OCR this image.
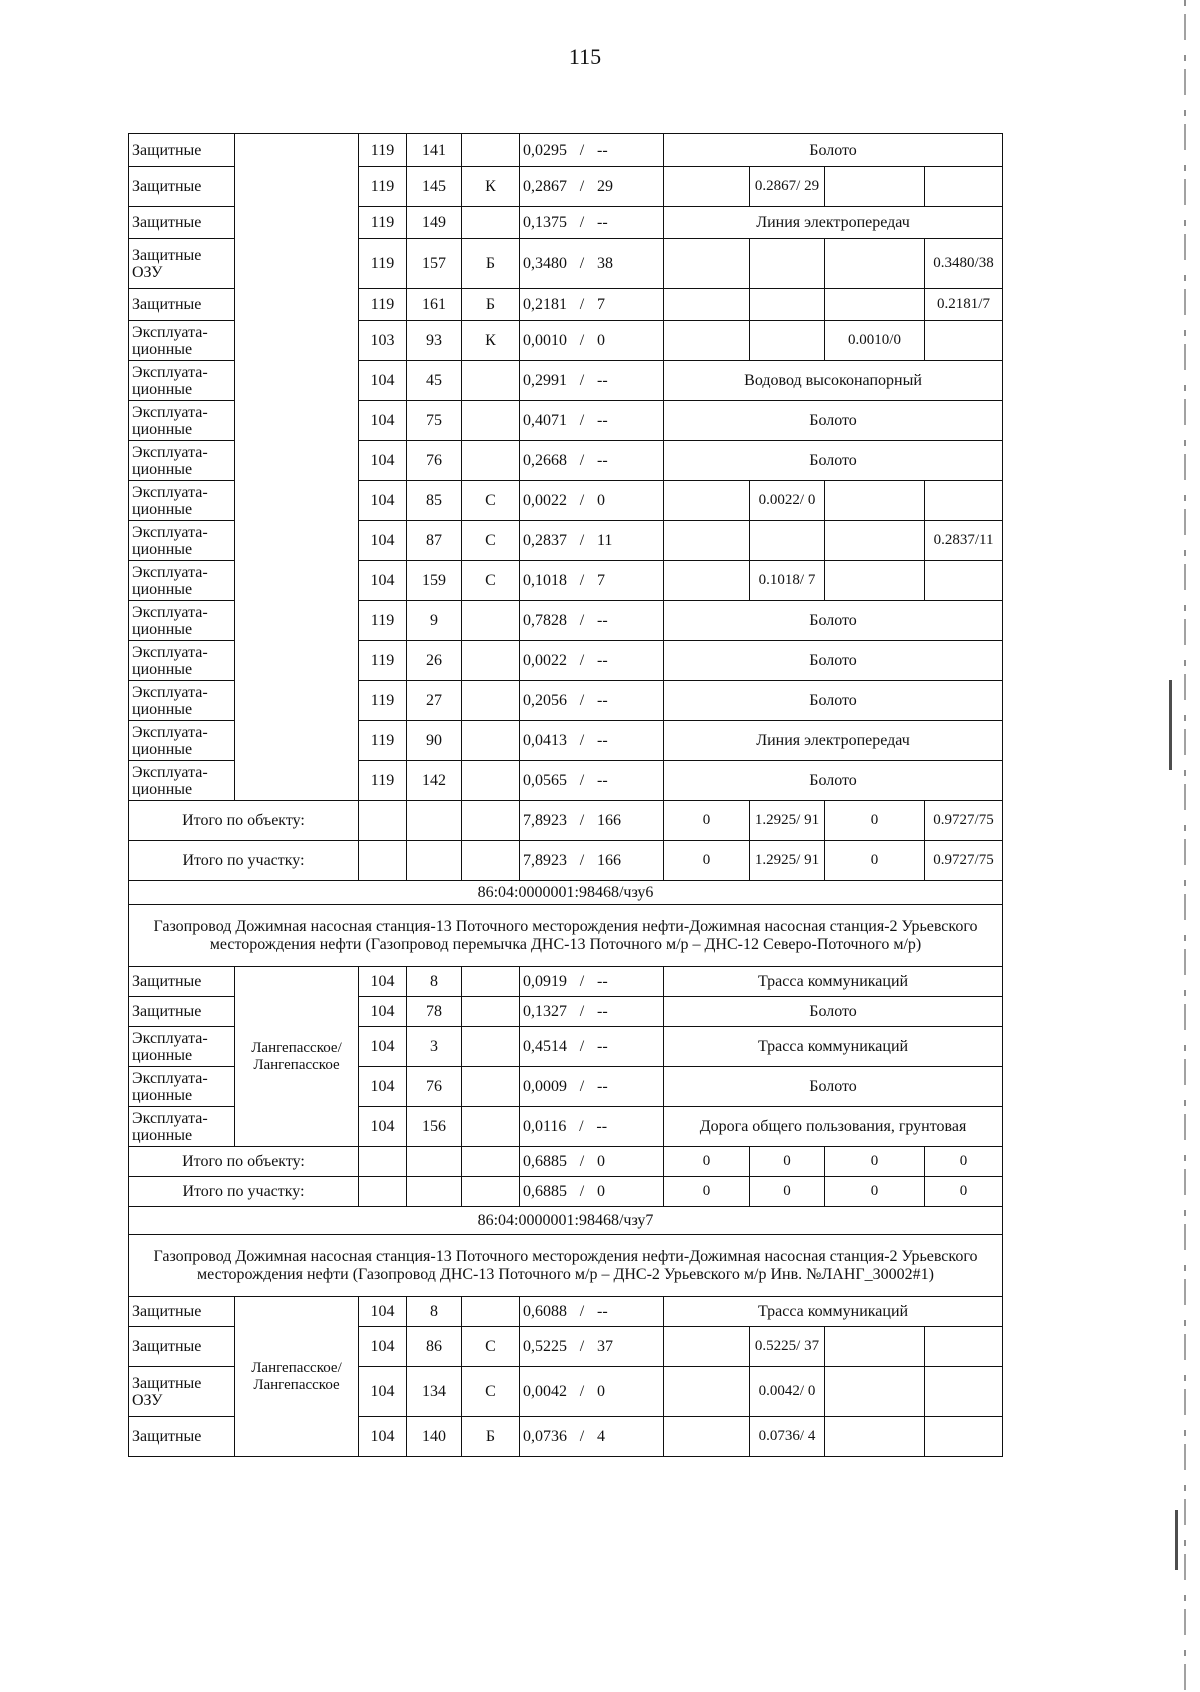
115
Защитные		119	141		0,0295 / --	Болото			
Защитные		119	145	К	0,2867 / 29		0.2867/ 29		
Защитные		119	149		0,1375 / --	Линия электропередач			
Защитные ОЗУ		119	157	Б	0,3480 / 38				0.3480/38
Защитные		119	161	Б	0,2181 / 7				0.2181/7
Эксплуата- ционные		103	93	К	0,0010 / 0			0.0010/0	
Эксплуата- ционные		104	45		0,2991 / --	Водовод высоконапорный			
Эксплуата- ционные		104	75		0,4071 / --	Болото			
Эксплуата- ционные		104	76		0,2668 / --	Болото			
Эксплуата- ционные		104	85	С	0,0022 / 0		0.0022/ 0		
Эксплуата- ционные		104	87	С	0,2837 / 11				0.2837/11
Эксплуата- ционные		104	159	С	0,1018 / 7		0.1018/ 7		
Эксплуата- ционные		119	9		0,7828 / --	Болото			
Эксплуата- ционные		119	26		0,0022 / --	Болото			
Эксплуата- ционные		119	27		0,2056 / --	Болото			
Эксплуата- ционные		119	90		0,0413 / --	Линия электропередач			
Эксплуата- ционные		119	142		0,0565 / --	Болото			
Итого по объекту:					7,8923 / 166	0	1.2925/ 91	0	0.9727/75
Итого по участку:					7,8923 / 166	0	1.2925/ 91	0	0.9727/75
86:04:0000001:98468/чзу6									
Газопровод Дожимная насосная станция-13 Поточного месторождения нефти-Дожимная насосная станция-2 Урьевского месторождения нефти (Газопровод перемычка ДНС-13 Поточного м/р – ДНС-12 Северо-Поточного м/р)									
Защитные	Лангепасское/ Лангепасское	104	8		0,0919 / --	Трасса коммуникаций			
Защитные		104	78		0,1327 / --	Болото			
Эксплуата- ционные		104	3		0,4514 / --	Трасса коммуникаций			
Эксплуата- ционные		104	76		0,0009 / --	Болото			
Эксплуата- ционные		104	156		0,0116 / --	Дорога общего пользования, грунтовая			
Итого по объекту:					0,6885 / 0	0	0	0	0
Итого по участку:					0,6885 / 0	0	0	0	0
86:04:0000001:98468/чзу7									
Газопровод Дожимная насосная станция-13 Поточного месторождения нефти-Дожимная насосная станция-2 Урьевского месторождения нефти (Газопровод ДНС-13 Поточного м/р – ДНС-2 Урьевского м/р Инв. №ЛАНГ_30002#1)									
Защитные	Лангепасское/ Лангепасское	104	8		0,6088 / --	Трасса коммуникаций			
Защитные		104	86	С	0,5225 / 37		0.5225/ 37		
Защитные ОЗУ		104	134	С	0,0042 / 0		0.0042/ 0		
Защитные		104	140	Б	0,0736 / 4		0.0736/ 4		
